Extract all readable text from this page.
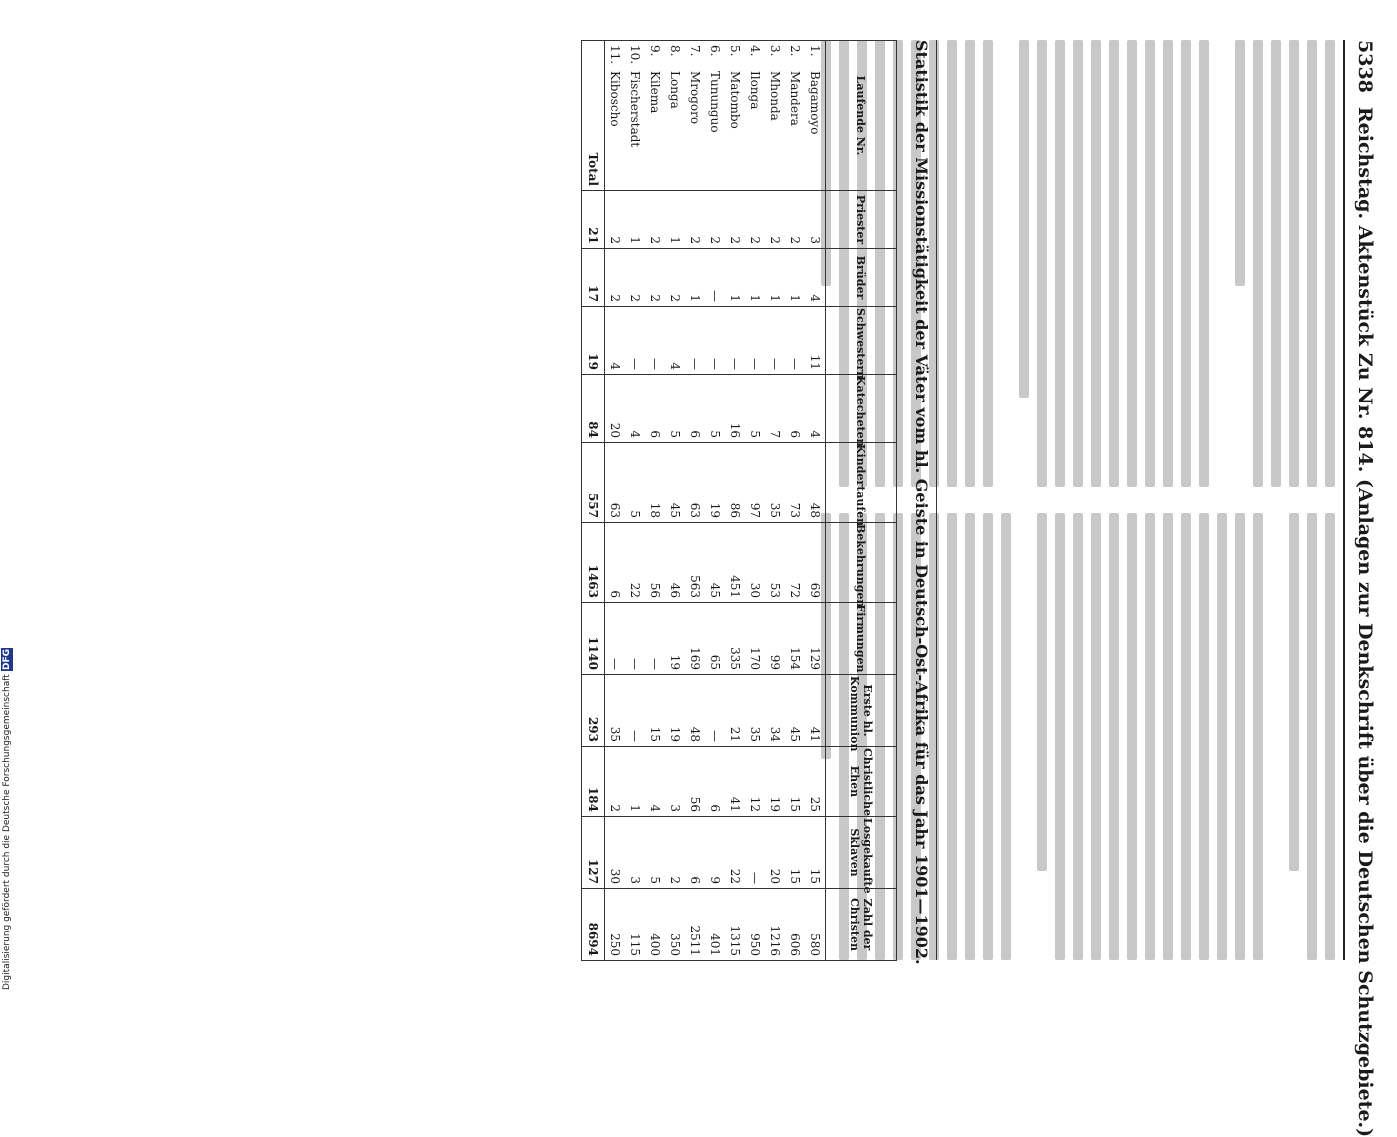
5338
Reichstag. Aktenstück Zu Nr. 814. (Anlagen zur Denkschrift über die Deutschen Schutzgebiete.)
Statistik der Missionstätigkeit der Väter vom hl. Geiste in Deutsch-Ost-Afrika für das Jahr 1901—1902.
Laufende Nr.	Priester	Brüder	Schwestern	Katecheten	Kindertaufen	Bekehrungen	Firmungen	Erste hl. Kommunion	Christliche Ehen	Losgekaufte Sklaven	Zahl der Christen
1.Bagamoyo	3	4	11	4	48	69	129	41	25	15	580
2.Mandera	2	1	—	6	73	72	154	45	15	15	606
3.Mhonda	2	1	—	7	35	53	99	34	19	20	1216
4.Ilonga	2	1	—	5	97	30	170	35	12	—	950
5.Matombo	2	1	—	16	86	451	335	21	41	22	1315
6.Tununguo	2	—	—	5	19	45	65	—	6	9	401
7.Mrogoro	2	1	—	6	63	563	169	48	56	6	2511
8.Longa	1	2	4	5	45	46	19	19	3	2	350
9.Kilema	2	2	—	6	18	56	—	15	4	5	400
10.Fischerstadt	1	2	—	4	5	22	—	—	1	3	115
11.Kiboscho	2	2	4	20	63	6	—	35	2	30	250
Total	21	17	19	84	557	1463	1140	293	184	127	8694
Digitalisierung gefördert durch die Deutsche Forschungsgemeinschaft DFG
